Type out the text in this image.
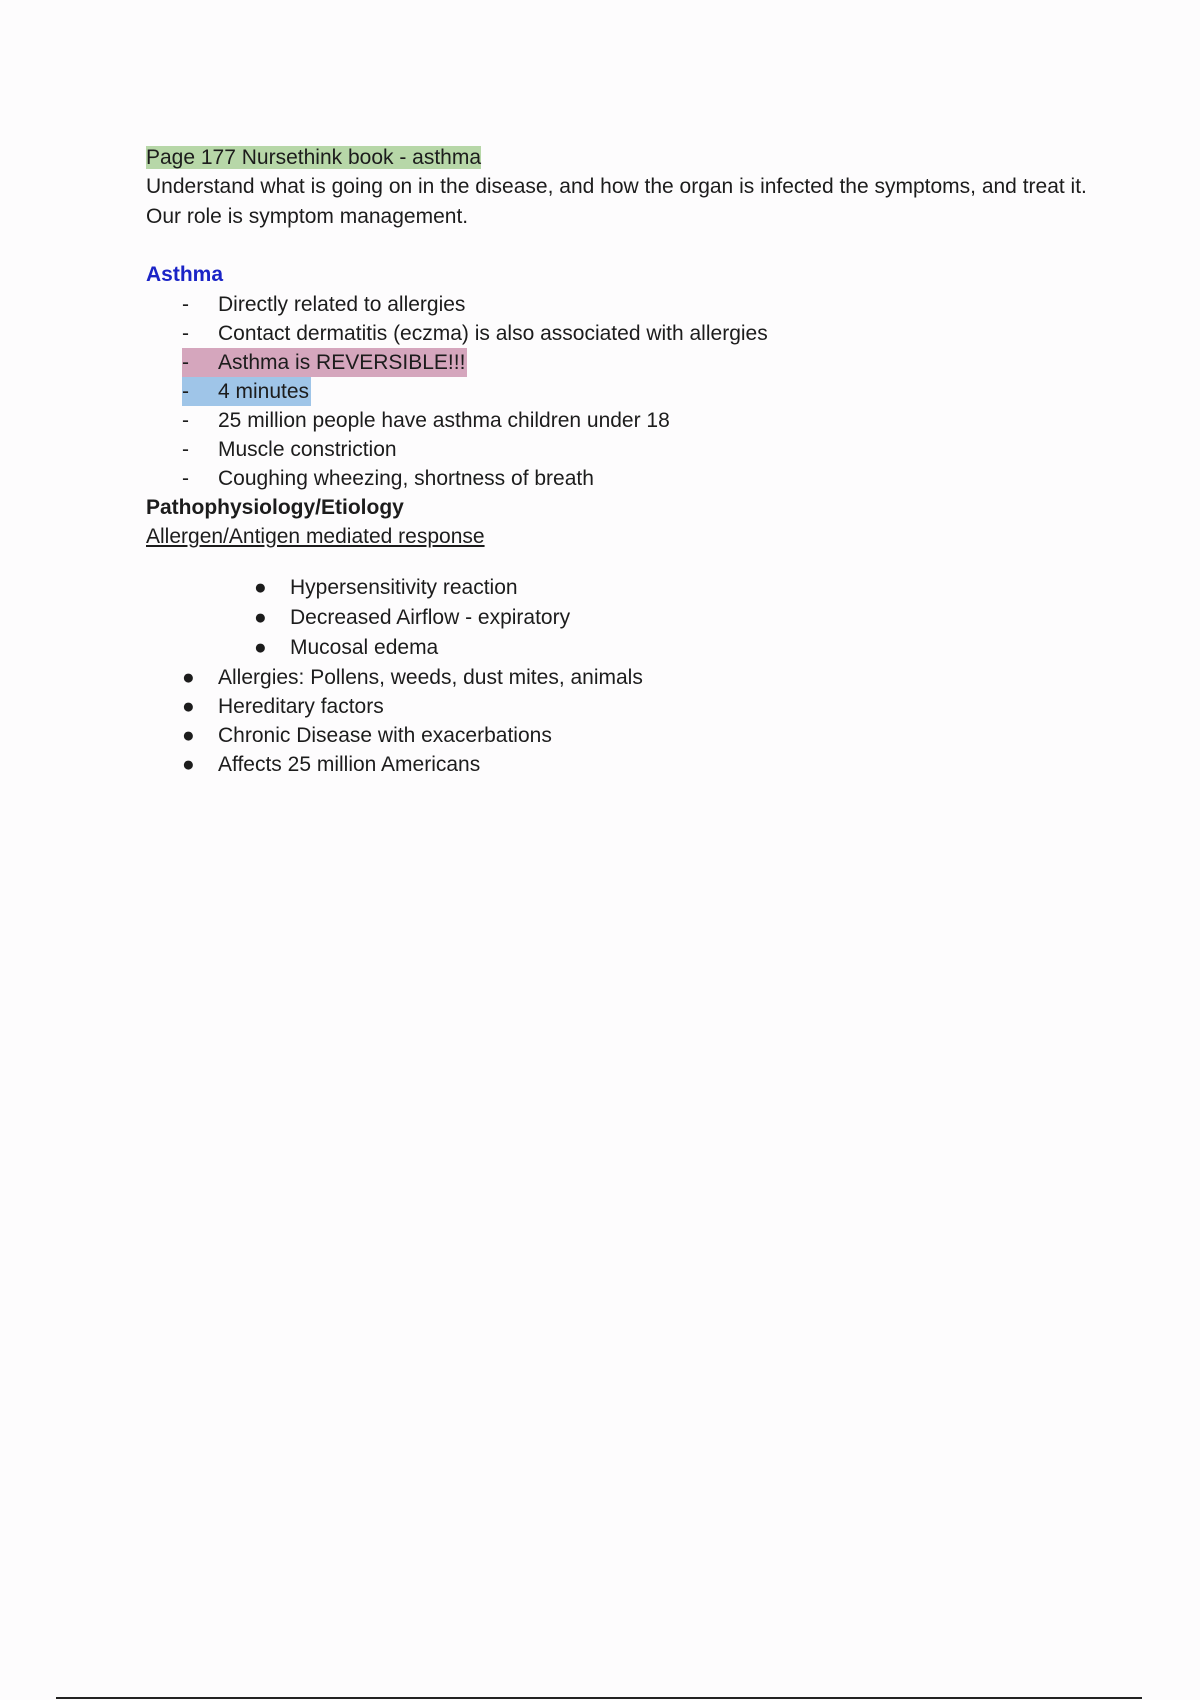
Page 177 Nursethink book - asthma

Understand what is going on in the disease, and how the organ is infected the symptoms, and treat it. Our role is symptom management.

Asthma
-	Directly related to allergies
-	Contact dermatitis (eczma) is also associated with allergies
- Asthma is REVERSIBLE!!!
- 4 minutes
-	25 million people have asthma children under 18
-	Muscle constriction
-	Coughing wheezing, shortness of breath

Pathophysiology/Etiology

Allergen/Antigen mediated response

● Hypersensitivity reaction
● Decreased Airflow - expiratory
● Mucosal edema
● Allergies: Pollens, weeds, dust mites, animals
● Hereditary factors
● Chronic Disease with exacerbations
● Affects 25 million Americans
